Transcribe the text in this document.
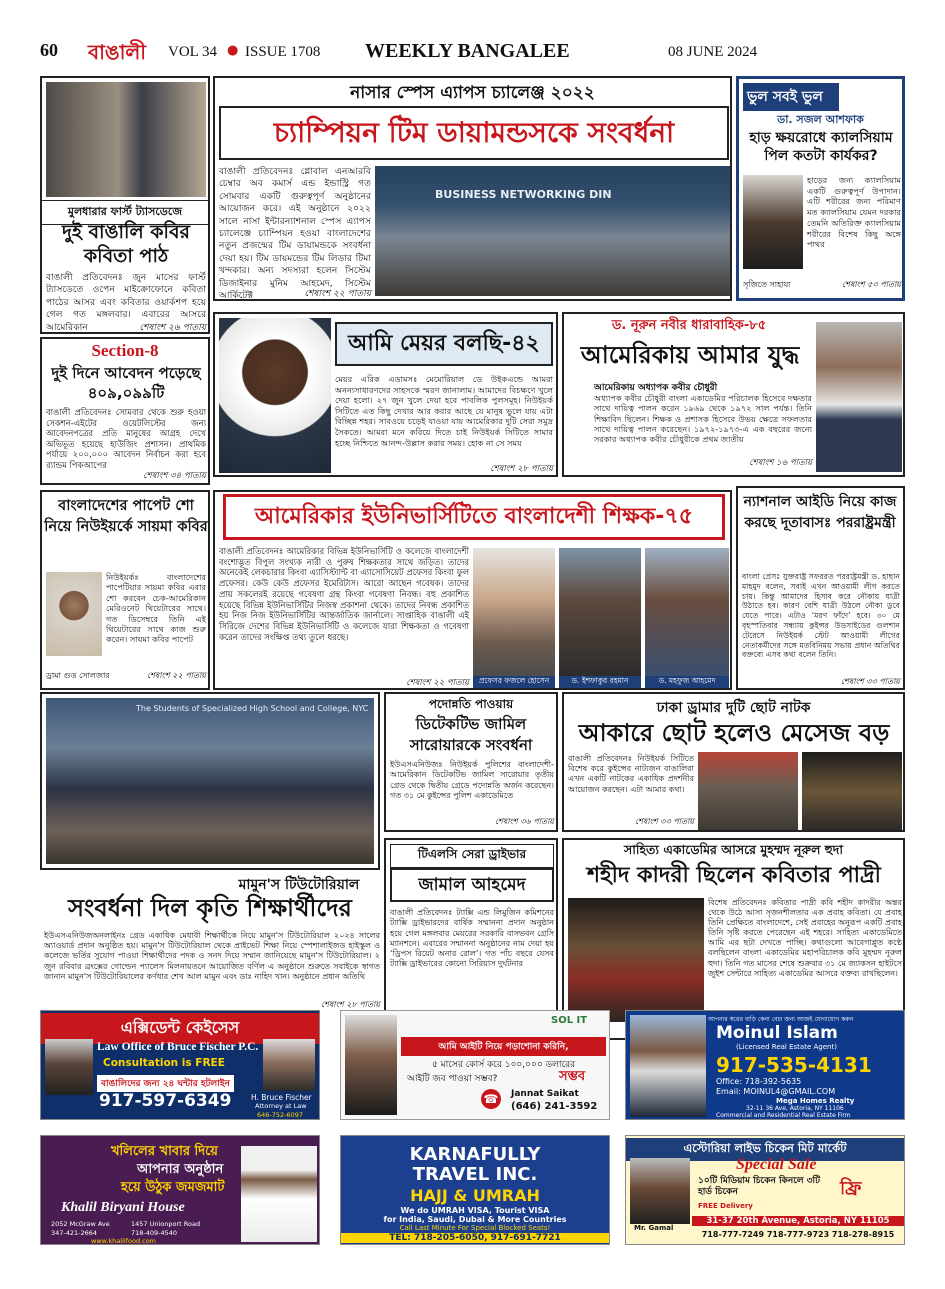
60 বাঙালী VOL 34 ● ISSUE 1708 WEEKLY BANGALEE	08 JUNE 2024
নাসার স্পেস এ্যাপস চ্যালেঞ্জ ২০২২
চ্যাম্পিয়ন টিম ডায়ামন্ডসকে সংবর্ধনা
বাঙালী প্রতিবেদনঃ গ্লোবাল এনআরবি চেম্বার অব কমার্স এন্ড ইন্ডাস্ট্রি গত সোমবার একটি গুরুত্বপূর্ণ অনুষ্ঠানের আয়োজন করে। এই অনুষ্ঠানে ২০২২ সালে নাসা ইন্টারন্যাশনাল স্পেস এ্যাপস চ্যালেঞ্জে চ্যাম্পিয়ন হওয়া বাংলাদেশের নতুন প্রজন্মের টিম ডায়ামন্ডকে সংবর্ধনা দেয়া হয়। টিম ডায়মন্ডের টিম লিডার টিমা খন্দকার। অন্য সদস্যরা হলেন সিস্টেম ডিজাইনার মুনিম আহমেদ, সিস্টেম আর্কিটেক্ট	শেষাংশ ২২ পাতায়
BUSINESS NETWORKING DIN
মুলধারার ফার্স্ট ট্যাসডেজে
দুই বাঙালি কবির কবিতা পাঠ
বাঙালী প্রতিবেদনঃ জুন মাসের ফার্স্ট ট্যাসডেতে ওপেন মাইক্রোফোনে কবিতা পাঠের আসর এবং কবিতার ওয়ার্কশপ হয়ে গেল গত মঙ্গলবার। এবারের আসরে আমেরিকান	শেষাংশ ২৬ পাতায়
ভুল সবই ভুল
ডা. সজল আশফাক
হাড় ক্ষয়রোধে ক্যালসিয়াম পিল কতটা কার্যকর?
হাড়ের জন্য ক্যালসিয়াম একটি গুরুত্বপূর্ণ উপাদান। এটি শরীরের জন্য পরিমাণ মত ক্যালসিয়াম যেমন দরকার তেমনি অতিরিক্ত ক্যালসিয়াম শরীরের বিশেষ কিছু অঙ্গে পাথর
সৃজিতে সাহায্য	শেষাংশ ৫৩ পাতায়
Section-8
দুই দিনে আবেদন পড়েছে ৪০৯,০৯৯টি
বাঙালী প্রতিবেদনঃ সোমবার থেকে শুরু হওয়া সেকশন-এইটের ওয়েটলিস্টের জন্য আবেদনপত্রের প্রতি মানুষের আগ্রহ দেখে অভিভূত হয়েছে হাউজিং প্রশাসন। প্রাথমিক পর্যায়ে ২০০,০০০ আবেদন নির্বাচন করা হবে র‍্যান্ডম পিকআপের
শেষাংশ ৩৪ পাতায়
আমি মেয়র বলছি-৪২
মেয়র এরিক এডামসঃ মেমোরিয়াল ডে উইকএন্ডে আমরা অনন্যসাধারণদের সাহসকে স্মরণ জানালাম। আমাদের বিচক্ষণে খুলে দেয়া হলো। ২৭ জুন খুলে দেয়া হবে পাবলিক পুলসমূহ। নিউইয়র্ক সিটিতে এত কিছু দেখার আর করার আছে যে মানুষ ভুলে যায় এটা বিচ্ছিন্ন শহর। সাবওয়ে চড়েই যাওয়া যায় আমেরিকার দুটি সেরা সমুদ্র সৈকতে। আমরা মনে করিয়ে দিতে চাই নিউইয়র্ক সিটিতে সামার হচ্ছে নিশ্চিতে আনন্দ-উল্লাস করার সময়। হোক না সে সময়
শেষাংশ ২৮ পাতায়
ড. নূরুন নবীর ধারাবাহিক-৮৫
আমেরিকায় আমার যুদ্ধ
আমেরিকায় অধ্যাপক কবীর চৌধুরী
অধ্যাপক কবীর চৌধুরী বাংলা একাডেমির পরিচালক হিসেবে দক্ষতার সাথে দায়িত্ব পালন করেন ১৯৬৯ থেকে ১৯৭২ সাল পর্যন্ত। তিনি শিক্ষাবিদ ছিলেন। শিক্ষক ও প্রশাসক হিসেবে উভয় ক্ষেত্রে সফলতার সাথে দায়িত্ব পালন করেছেন। ১৯৭২-১৯৭৩-এ এক বছরের জন্যে সরকার অধ্যাপক কবীর চৌধুরীকে প্রথম জাতীয়
শেষাংশ ১৬ পাতায়
বাংলাদেশের পাপেট শো নিয়ে নিউইয়র্কে সায়মা কবির
নিউইয়র্কঃ বাংলাদেশের পাপেটিয়ার সায়মা কবির এবার শো করবেন চেক-আমেরিকান মেরিওনেট থিয়েটারের সাথে। গত ডিসেম্বরে তিনি এই থিয়েটারের সাথে কাজ শুরু করেন। সায়মা কবির পাপেট
ড্রামা গুড সোলজার	শেষাংশ ২২ পাতায়
আমেরিকার ইউনিভার্সিটিতে বাংলাদেশী শিক্ষক-৭৫
বাঙালী প্রতিবেদনঃ আমেরিকার বিভিন্ন ইউনিভার্সিটি ও কলেজে বাংলাদেশী বংশোদ্ভূত বিপুল সংখ্যক নারী ও পুরুষ শিক্ষকতার সাথে জড়িত। তাদের অনেকেই লেকচারার কিংবা এ্যাসিস্ট্যান্ট বা এ্যাসোসিয়েট প্রফেসর কিংবা ফুল প্রফেসর। কেউ কেউ প্রফেসর ইমেরিটাস। আরো আছেন গবেষক। তাদের প্রায় সকলেরই রয়েছে গবেষণা গ্রন্থ কিংবা গবেষণা নিবন্ধ। বহু প্রকাশিত হয়েছে বিভিন্ন ইউনিভার্সিটির নিজস্ব প্রকাশনা থেকে। তাদের নিবন্ধ প্রকাশিত হয় নিজ নিজ ইউনিভার্সিটির আন্তর্জাতিক জার্নালে। সাপ্তাহিক বাঙালী এই সিরিজে দেশের বিভিন্ন ইউনিভার্সিটি ও কলেজে যারা শিক্ষকতা ও গবেষণা করেন তাদের সংক্ষিপ্ত তথ্য তুলে ধরছে।
শেষাংশ ২২ পাতায়	প্রফেসর ফজলে হোসেন	ড. ইশফাকুর রহমান	ড. মহফুজ আহমেদ
ন্যাশনাল আইডি নিয়ে কাজ করছে দূতাবাসঃ পররাষ্ট্রমন্ত্রী
বাংলা প্রেসঃ যুক্তরাষ্ট্র সফররত পররাষ্ট্রমন্ত্রী ড. হাছান মাহমুদ বলেন, সবাই এখন আওয়ামী লীগ করতে চায়। কিন্তু আমাদের হিসাব করে নৌকায় যাত্রী উঠাতে হব। কারণ বেশি যাত্রী উঠলে নৌকা ডুবে যেতে পারে। এটাও ‘মরণ ফাঁদে’ হবে। ৩০ মে বৃহস্পতিবার সন্ধ্যায় কুইন্সর উডসাইডের গুলশান টেরেসে নিউইয়র্ক স্টেট আওয়ামী লীগের নেতাকর্মীদের সঙ্গে মতবিনিময় সভায় প্রধান অতিথির বক্তব্যে এসব কথা বলেন তিনি।
শেষাংশ ৩৩ পাতায়
The Students of Specialized High School and College, NYC	পদোন্নতি পাওয়ায়
ডিটেকটিভ জামিল সারোয়ারকে সংবর্ধনা
ইউএসএনিউজঃ নিউইয়র্ক পুলিশের বাংলাদেশী-আমেরিকান ডিটেকটিভ জামিল সারোয়ার তৃতীয় গ্রেড থেকে দ্বিতীয় গ্রেডে পদোন্নতি অর্জন করেছেন। গত ৩১ মে কুইন্সের পুলিশ একাডেমিতে
শেষাংশ ৩৬ পাতায়
ঢাকা ড্রামার দুটি ছোট নাটক
আকারে ছোট হলেও মেসেজ বড়
বাঙালী প্রতিবেদনঃ নিউইয়র্ক সিটিতে বিশেষ করে কুইন্সের নাট্যজন বাঙালিরা এখন একটি নাটকের একাধিক প্রদর্শনীর আয়োজন করছেন। এটা আমার কথা।
শেষাংশ ৩৩ পাতায়
মামুন'স টিউটোরিয়াল
সংবর্ধনা দিল কৃতি শিক্ষার্থীদের
ইউএসএনিউজঅনলাইনঃ গ্রেড একাধিক মেধাবী শিক্ষার্থীকে নিয়ে মামুন'স টিউটোরিয়াল ২০২৪ সালের অ্যাওয়ার্ড প্রদান অনুষ্ঠিত হয়। মামুন'স টিউটোরিয়াল থেকে প্রাইভেট শিক্ষা নিয়ে স্পেশালাইজড হাইস্কুল ও কলেজে ভর্তির সুযোগ পাওয়া শিক্ষার্থীদের পদক ও সনদ দিয়ে সম্মান জানিয়েছে মামুন'স টিউটোরিয়াল। ২ জুন রবিবার ব্রংক্সের গোল্ডেন প্যালেস মিলনায়তনে আয়োজিত বর্ণিল এ অনুষ্ঠানে শুরুতে সবাইকে স্বাগত জানান মামুন'স টিউটোরিয়ালের কর্ণধার শেখ আল মামুন এবং ডাঃ নাহিদ খান। অনুষ্ঠানে প্রধান অতিথি
শেষাংশ ২৮ পাতায়
টিএলসি সেরা ড্রাইভার
জামাল আহমেদ
বাঙালী প্রতিবেদনঃ ট্যাক্সি এন্ড লিমুজিন কমিশনের ট্যাক্সি ড্রাইভারদের বার্ষিক সম্মাননা প্রদান অনুষ্ঠান হয়ে গেল মঙ্গলবার মেয়রের সরকারি বাসভবন গ্রেসি ম্যানশনে। এবারের সম্মাননা অনুষ্ঠানের নাম দেয়া হয় ‘ড্রিপস রিয়েট অনার রোল’। গত পাঁচ বছরে যেসব ট্যাক্সি ড্রাইভারের কোনো সিরিয়াস দুর্ঘটনার
সাহিত্য একাডেমির আসরে মুহম্মদ নূরুল হুদা
শহীদ কাদরী ছিলেন কবিতার পাদ্রী
বিশেষ প্রতিবেদনঃ কবিতার পাদ্রী কবি শহীদ কাদরীর অন্তর থেকে উঠে আসা সৃজনশীলতার এক প্রবাহ কবিতা। যে প্রবাহ তিনি প্রেক্ষিতে বাংলাদেশে, সেই প্রবাহের অনুরূপ একটি প্রবাহ তিনি সৃষ্টি করতে পেরেছেন এই শহরে। সাহিত্য একাডেমিতে আমি এর ছটা দেখতে পাচ্ছি। কথাগুলো আবেগাপ্লুত কণ্ঠে বলছিলেন বাংলা একাডেমির মহাপরিচালক কবি মুহম্মদ নূরুল হুদা। তিনি গত মাসের শেষে শুক্রবার ৩১ মে জ্যাকসন হাইটসে জুইশ সেন্টারে সাহিত্য একাডেমির আসরে বক্তব্য রাখছিলেন।
এক্সিডেন্ট কেইসেস
Law Office of Bruce Fischer P.C.
Consultation is FREE
বাঙালিদের জন্য ২৪ ঘন্টার হটলাইন
917-597-6349	H. Bruce Fischer
Attorney at Law
646-752-6097
SOL IT
আমি আইটি নিয়ে পড়াশোনা করিনি,
৫ মাসের কোর্স করে ১০০,০০০ ডলারের
আইটি জব পাওয়া সম্ভব?	সম্ভব
☎ Jannat Saikat
(646) 241-3592
আপনার স্বপ্নের বাড়ি কেনা বেচা জন্য আজই যোগাযোগ করুন
Moinul Islam
(Licensed Real Estate Agent)
917-535-4131
Office: 718-392-5635
Email: MOINUL4@GMAIL.COM
Mega Homes Realty
32-11 36 Ave, Astoria, NY 11106
Commercial and Residential Real Estate Firm
খলিলের খাবার দিয়ে
আপনার অনুষ্ঠান
হয়ে উঠুক জমজমাট
Khalil Biryani House
2052 McGraw Ave	1457 Unionport Road
347-421-2664	718-409-4540
www.khalilfood.com
KARNAFULLY
TRAVEL INC.
HAJJ & UMRAH
We do UMRAH VISA, Tourist VISA
for India, Saudi, Dubai & More Countries
Call Last Minute For Special Blocked Seats!
TEL: 718-205-6050, 917-691-7721
এস্টোরিয়া লাইভ চিকেন মিট মার্কেট
Special Sale
Mr. Gamal
১০টি মিডিয়াম চিকেন কিনলে ৩টি হার্ড চিকেন	ফ্রি
FREE Delivery
31-37 20th Avenue, Astoria, NY 11105
718-777-7249 718-777-9723 718-278-8915
